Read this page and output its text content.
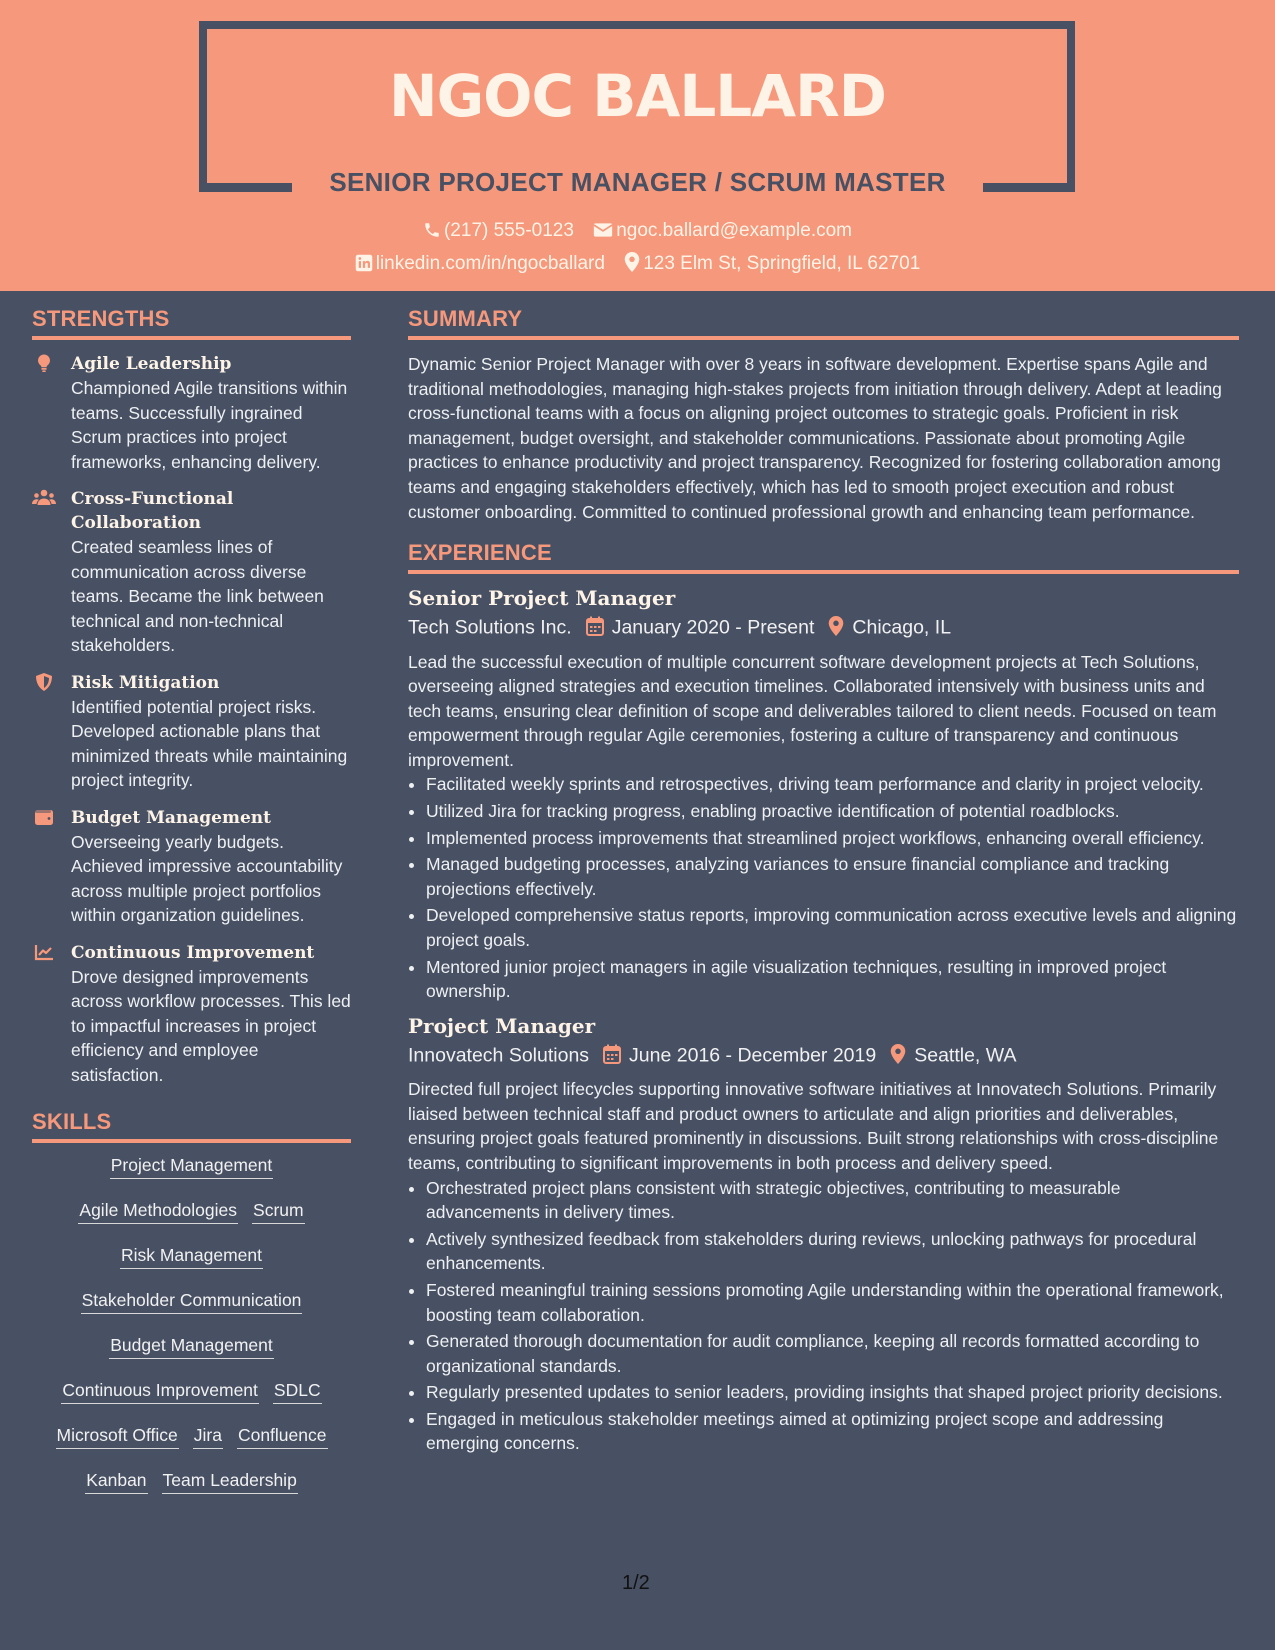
NGOC BALLARD
SENIOR PROJECT MANAGER / SCRUM MASTER
(217) 555-0123 ngoc.ballard@example.com
linkedin.com/in/ngocballard 123 Elm St, Springfield, IL 62701
STRENGTHS
Agile Leadership
Championed Agile transitions within teams. Successfully ingrained Scrum practices into project frameworks, enhancing delivery.
Cross-Functional Collaboration
Created seamless lines of communication across diverse teams. Became the link between technical and non-technical stakeholders.
Risk Mitigation
Identified potential project risks. Developed actionable plans that minimized threats while maintaining project integrity.
Budget Management
Overseeing yearly budgets. Achieved impressive accountability across multiple project portfolios within organization guidelines.
Continuous Improvement
Drove designed improvements across workflow processes. This led to impactful increases in project efficiency and employee satisfaction.
SKILLS
Project Management
Agile Methodologies Scrum
Risk Management
Stakeholder Communication
Budget Management
Continuous Improvement SDLC
Microsoft Office Jira Confluence
Kanban Team Leadership
SUMMARY

Dynamic Senior Project Manager with over 8 years in software development. Expertise spans Agile and traditional methodologies, managing high-stakes projects from initiation through delivery. Adept at leading cross-functional teams with a focus on aligning project outcomes to strategic goals. Proficient in risk management, budget oversight, and stakeholder communications. Passionate about promoting Agile practices to enhance productivity and project transparency. Recognized for fostering collaboration among teams and engaging stakeholders effectively, which has led to smooth project execution and robust customer onboarding. Committed to continued professional growth and enhancing team performance.

EXPERIENCE
Senior Project Manager
Tech Solutions Inc. January 2020 - Present Chicago, IL
Lead the successful execution of multiple concurrent software development projects at Tech Solutions, overseeing aligned strategies and execution timelines. Collaborated intensively with business units and tech teams, ensuring clear definition of scope and deliverables tailored to client needs. Focused on team empowerment through regular Agile ceremonies, fostering a culture of transparency and continuous improvement.
• Facilitated weekly sprints and retrospectives, driving team performance and clarity in project velocity.
• Utilized Jira for tracking progress, enabling proactive identification of potential roadblocks.
• Implemented process improvements that streamlined project workflows, enhancing overall efficiency.
• Managed budgeting processes, analyzing variances to ensure financial compliance and tracking projections effectively.
• Developed comprehensive status reports, improving communication across executive levels and aligning project goals.
• Mentored junior project managers in agile visualization techniques, resulting in improved project ownership.
Project Manager
Innovatech Solutions June 2016 - December 2019 Seattle, WA
Directed full project lifecycles supporting innovative software initiatives at Innovatech Solutions. Primarily liaised between technical staff and product owners to articulate and align priorities and deliverables, ensuring project goals featured prominently in discussions. Built strong relationships with cross-discipline teams, contributing to significant improvements in both process and delivery speed.
• Orchestrated project plans consistent with strategic objectives, contributing to measurable advancements in delivery times.
• Actively synthesized feedback from stakeholders during reviews, unlocking pathways for procedural enhancements.
• Fostered meaningful training sessions promoting Agile understanding within the operational framework, boosting team collaboration.
• Generated thorough documentation for audit compliance, keeping all records formatted according to organizational standards.
• Regularly presented updates to senior leaders, providing insights that shaped project priority decisions.
• Engaged in meticulous stakeholder meetings aimed at optimizing project scope and addressing emerging concerns.
1/2
